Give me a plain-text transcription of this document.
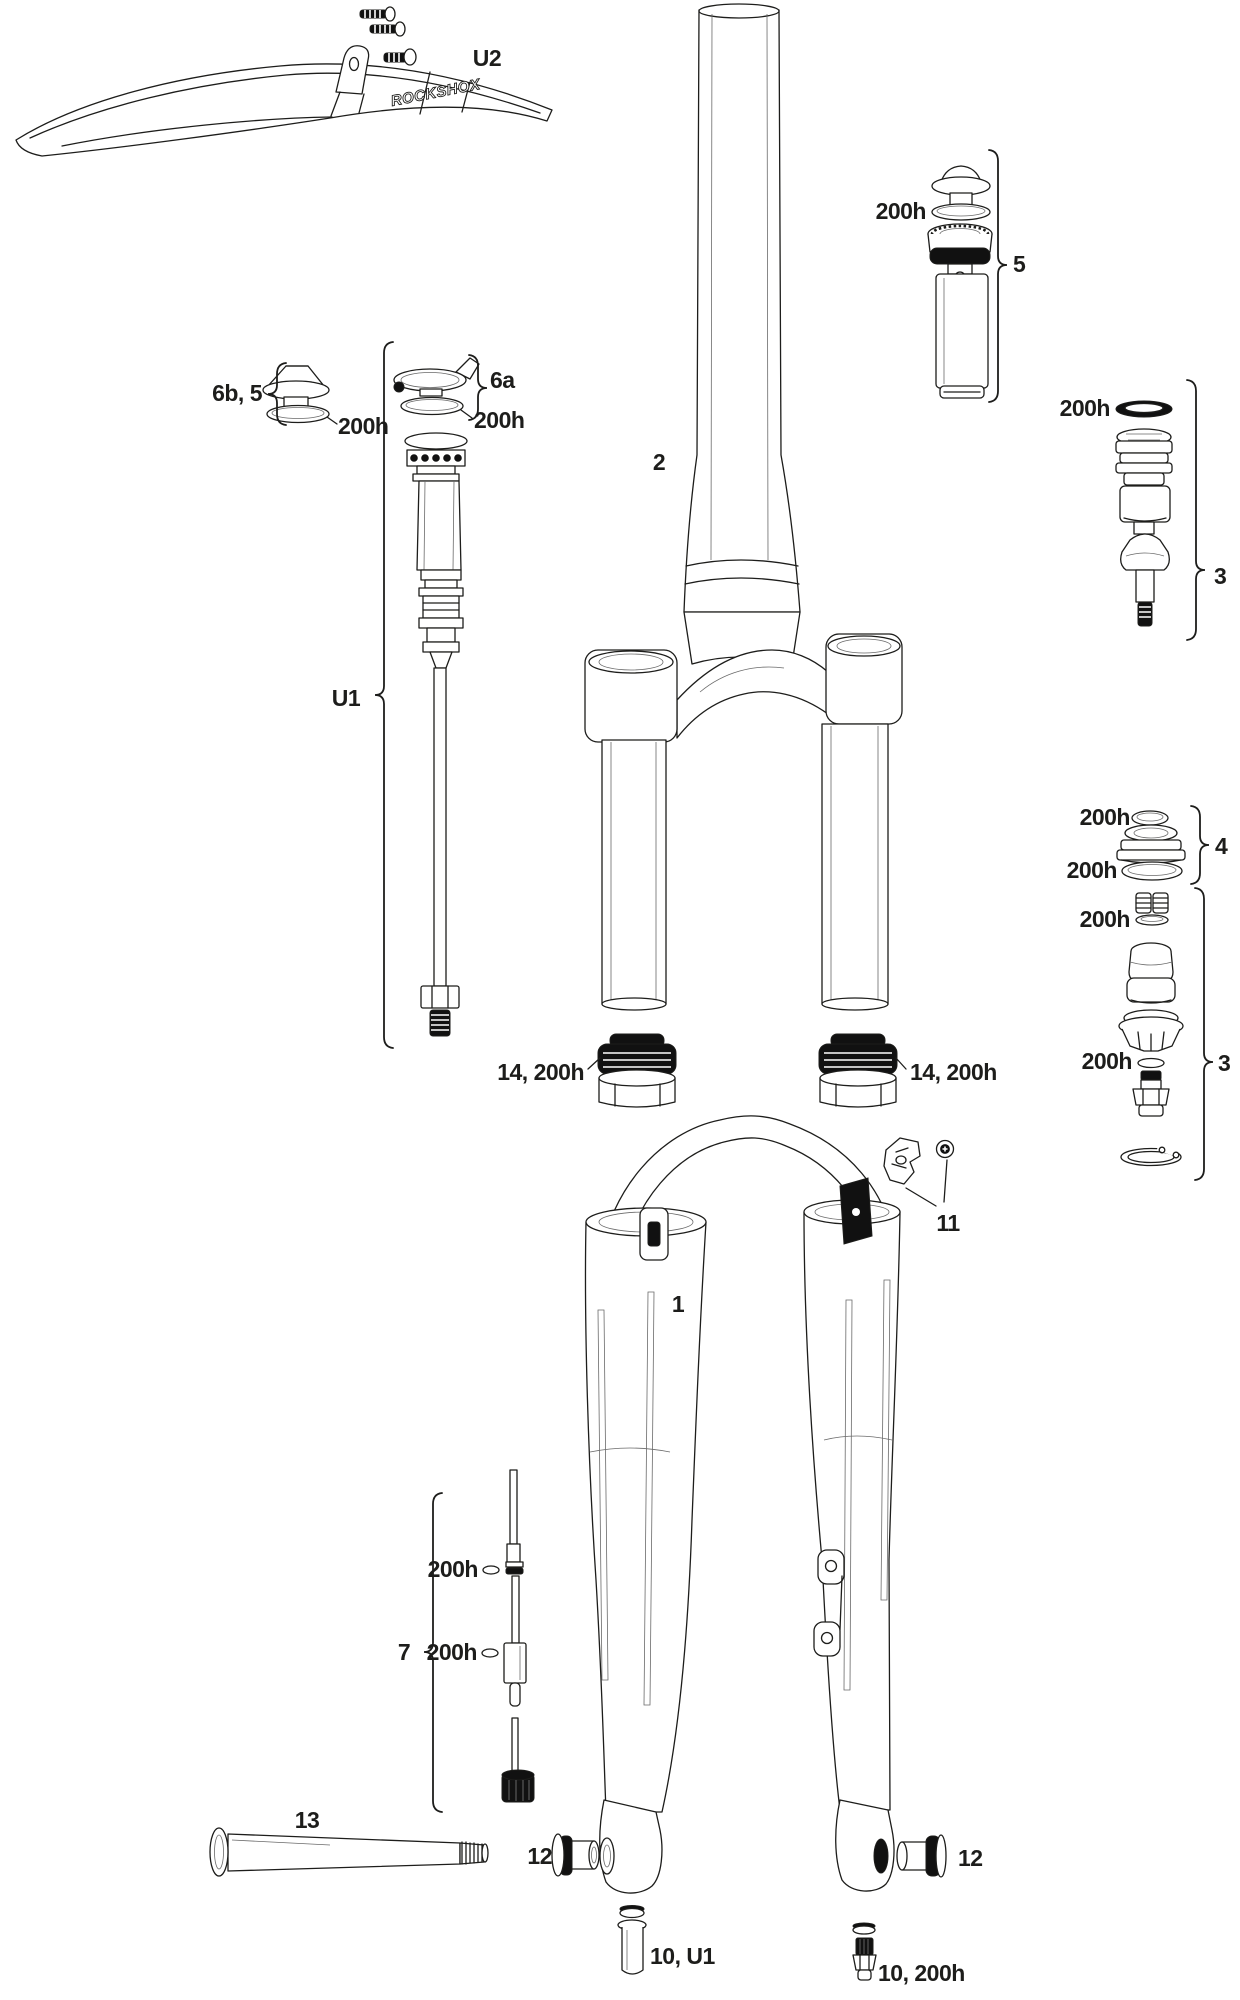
ROCKSHOX
U2
6b, 5
200h
6a
200h
U1
2
14, 200h	14, 200h
1
11
200h
5
200h
3
200h
200h
4
200h
200h	3
200h
200h
7
13
12	12
10, U1
10, 200h
